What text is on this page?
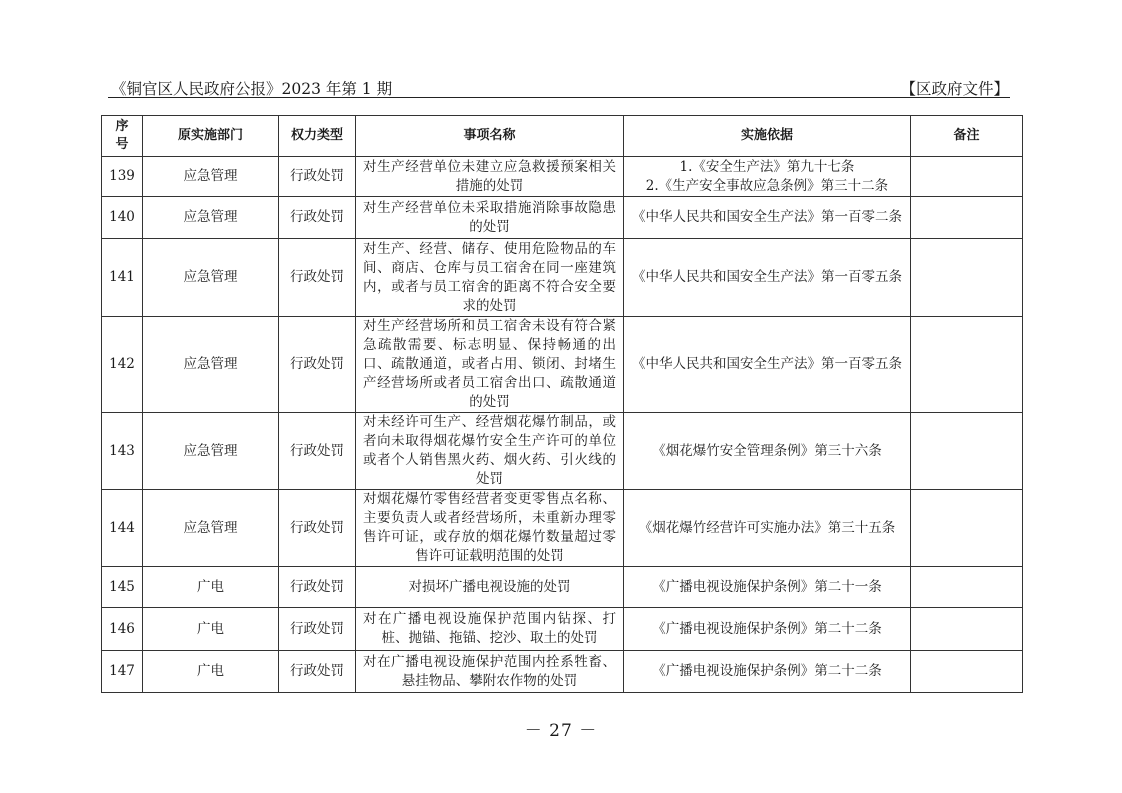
《铜官区人民政府公报》2023 年第 1 期	【区政府文件】
序号	原实施部门	权力类型	事项名称	实施依据	备注
139	应急管理	行政处罚	对生产经营单位未建立应急救援预案相关措施的处罚	1.《安全生产法》第九十七条
2.《生产安全事故应急条例》第三十二条	
140	应急管理	行政处罚	对生产经营单位未采取措施消除事故隐患的处罚	《中华人民共和国安全生产法》第一百零二条	
141	应急管理	行政处罚	对生产、经营、储存、使用危险物品的车间、商店、仓库与员工宿舍在同一座建筑内，或者与员工宿舍的距离不符合安全要求的处罚	《中华人民共和国安全生产法》第一百零五条	
142	应急管理	行政处罚	对生产经营场所和员工宿舍未设有符合紧急疏散需要、标志明显、保持畅通的出口、疏散通道，或者占用、锁闭、封堵生产经营场所或者员工宿舍出口、疏散通道的处罚	《中华人民共和国安全生产法》第一百零五条	
143	应急管理	行政处罚	对未经许可生产、经营烟花爆竹制品，或者向未取得烟花爆竹安全生产许可的单位或者个人销售黑火药、烟火药、引火线的处罚	《烟花爆竹安全管理条例》第三十六条	
144	应急管理	行政处罚	对烟花爆竹零售经营者变更零售点名称、主要负责人或者经营场所，未重新办理零售许可证，或存放的烟花爆竹数量超过零售许可证载明范围的处罚	《烟花爆竹经营许可实施办法》第三十五条	
145	广电	行政处罚	对损坏广播电视设施的处罚	《广播电视设施保护条例》第二十一条	
146	广电	行政处罚	对在广播电视设施保护范围内钻探、打桩、抛锚、拖锚、挖沙、取土的处罚	《广播电视设施保护条例》第二十二条	
147	广电	行政处罚	对在广播电视设施保护范围内拴系牲畜、悬挂物品、攀附农作物的处罚	《广播电视设施保护条例》第二十二条	
－ 27 －
